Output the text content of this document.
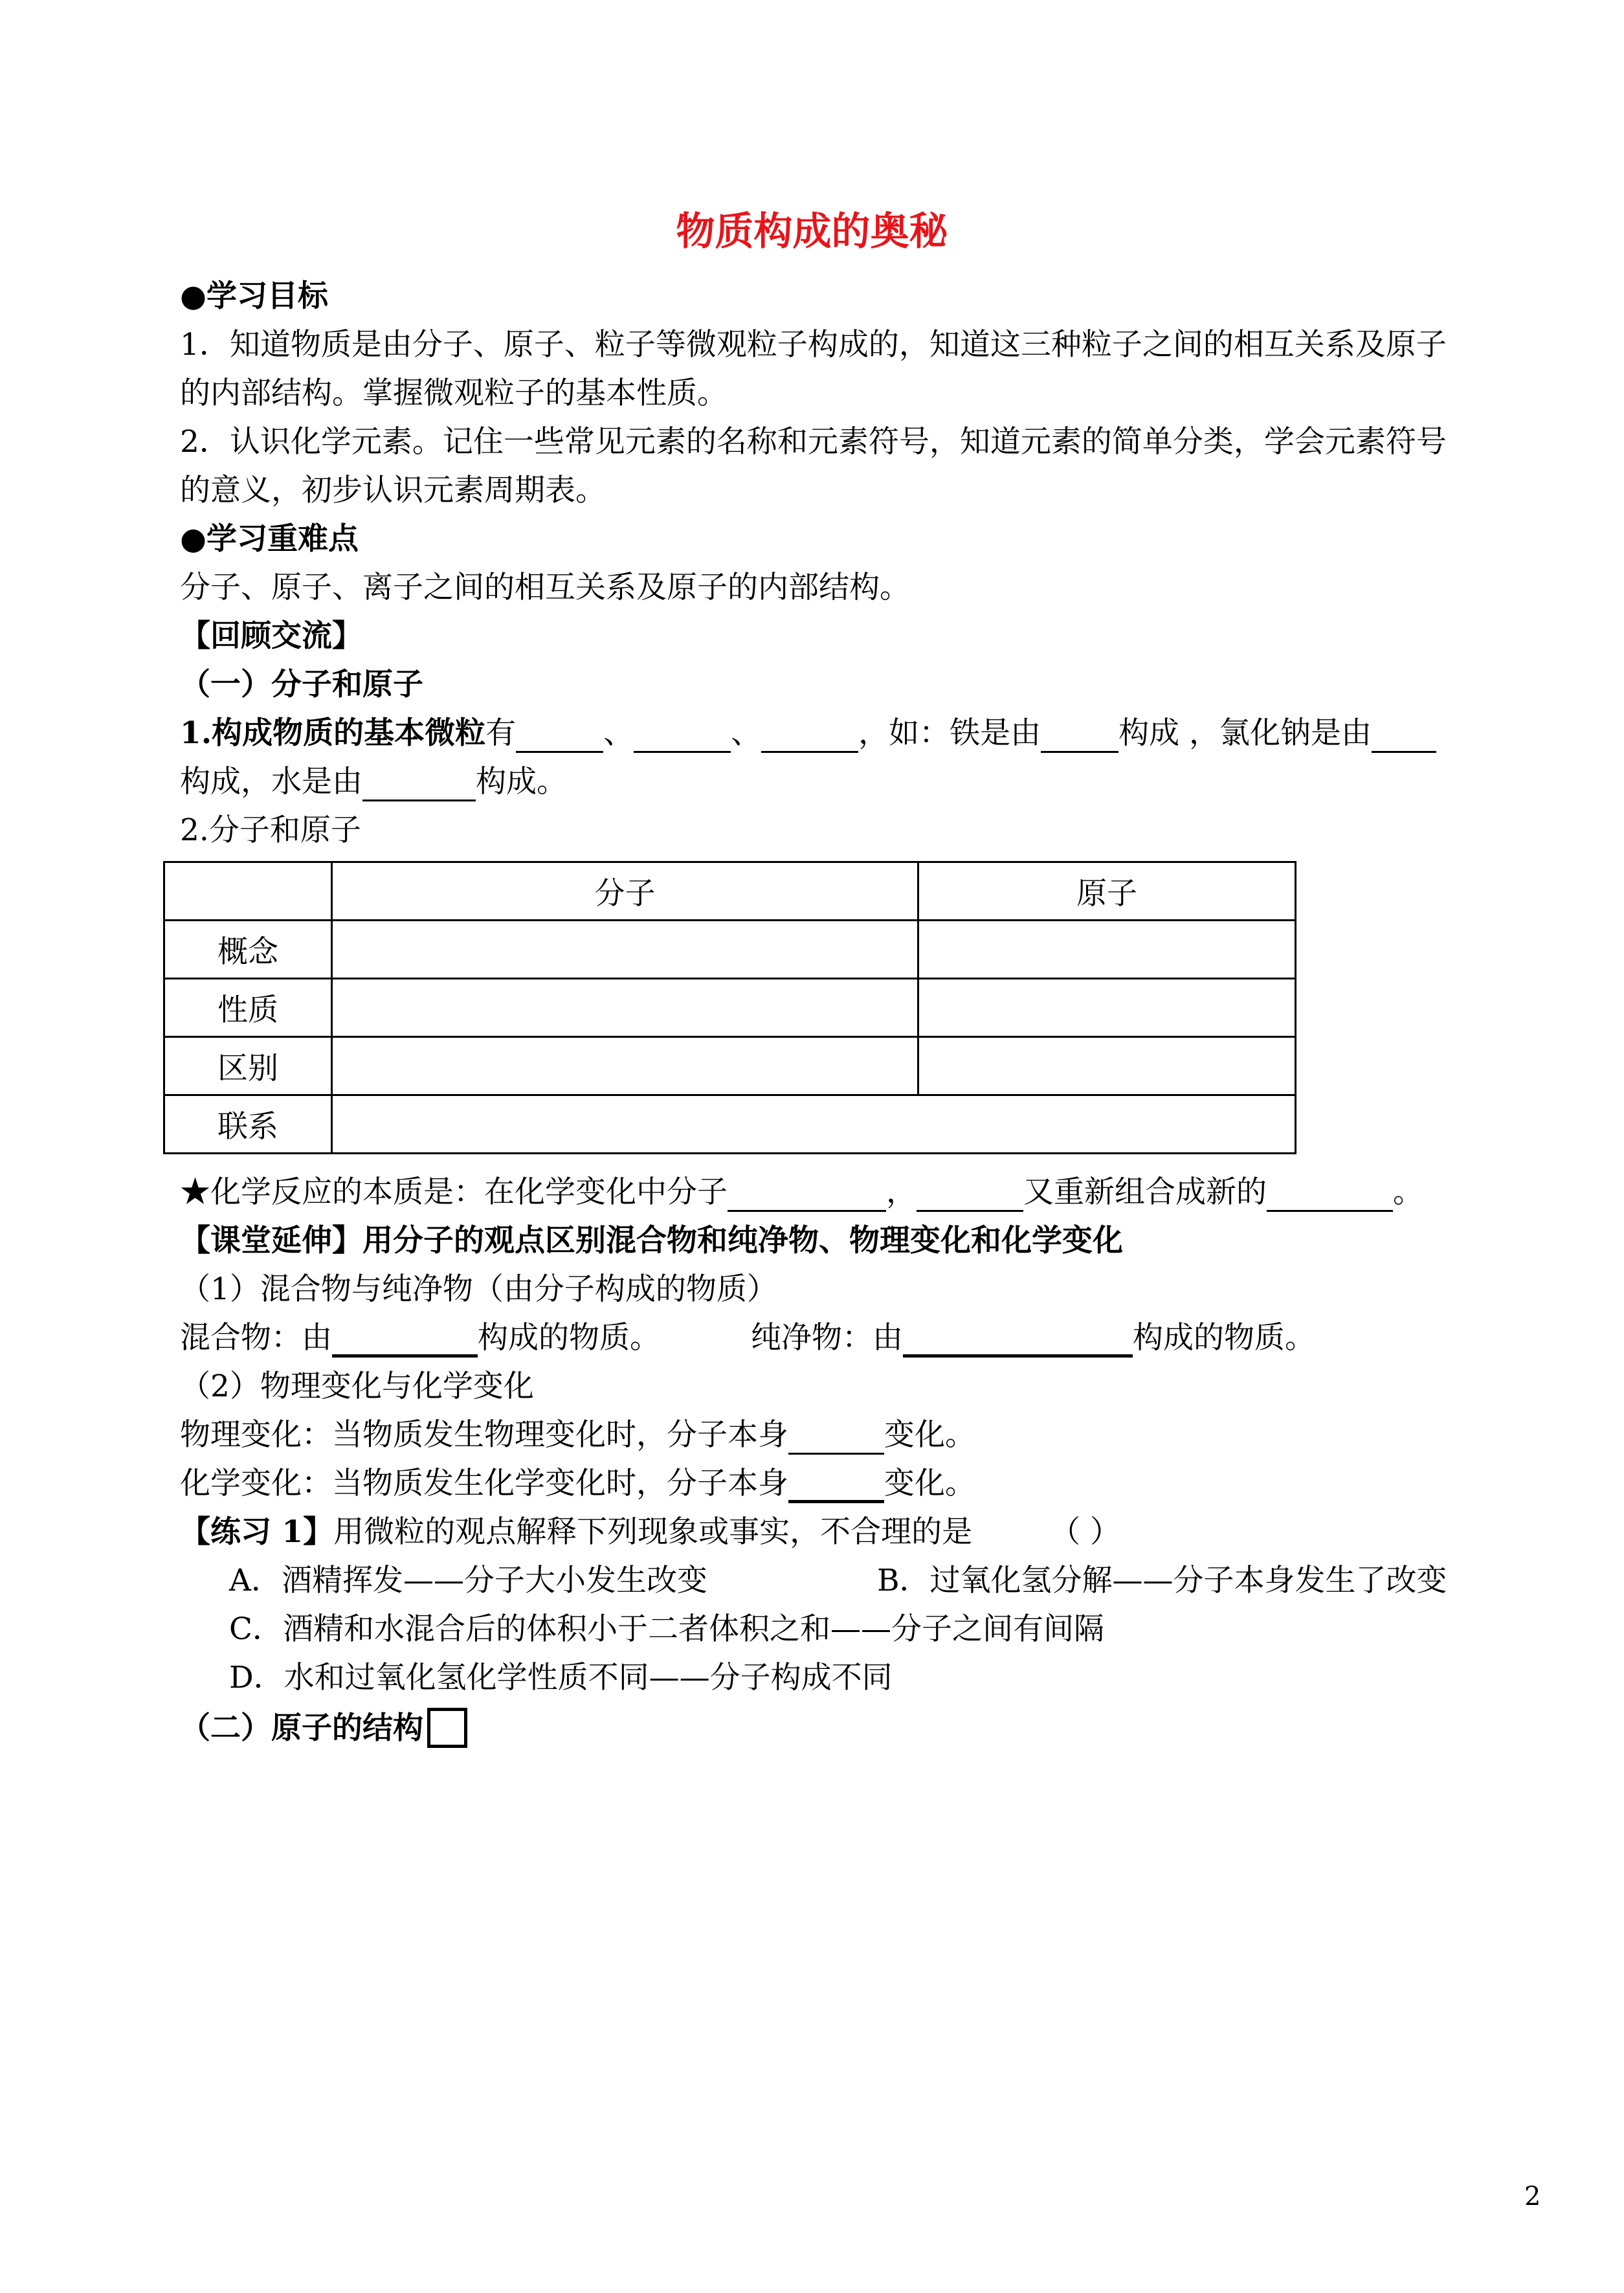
物质构成的奥秘
●学习目标
1．知道物质是由分子、原子、粒子等微观粒子构成的，知道这三种粒子之间的相互关系及原子
的内部结构。掌握微观粒子的基本性质。
2．认识化学元素。记住一些常见元素的名称和元素符号，知道元素的简单分类，学会元素符号
的意义，初步认识元素周期表。
●学习重难点
分子、原子、离子之间的相互关系及原子的内部结构。
【回顾交流】
（一）分子和原子
1.构成物质的基本微粒有	、	、	，如：铁是由	构成 ，氯化钠是由
构成，水是由	构成。
2.分子和原子
	分子	原子
概念		
性质		
区别		
联系		
★化学反应的本质是：在化学变化中分子	，	又重新组合成新的	。
【课堂延伸】用分子的观点区别混合物和纯净物、物理变化和化学变化
（1）混合物与纯净物（由分子构成的物质）
混合物：由	构成的物质。	纯净物：由	构成的物质。
（2）物理变化与化学变化
物理变化：当物质发生物理变化时，分子本身	变化。
化学变化：当物质发生化学变化时，分子本身	变化。
【练习 1】用微粒的观点解释下列现象或事实，不合理的是	（ ）
A．酒精挥发——分子大小发生改变	B．过氧化氢分解——分子本身发生了改变
C．酒精和水混合后的体积小于二者体积之和——分子之间有间隔
D．水和过氧化氢化学性质不同——分子构成不同
（二）原子的结构
2
